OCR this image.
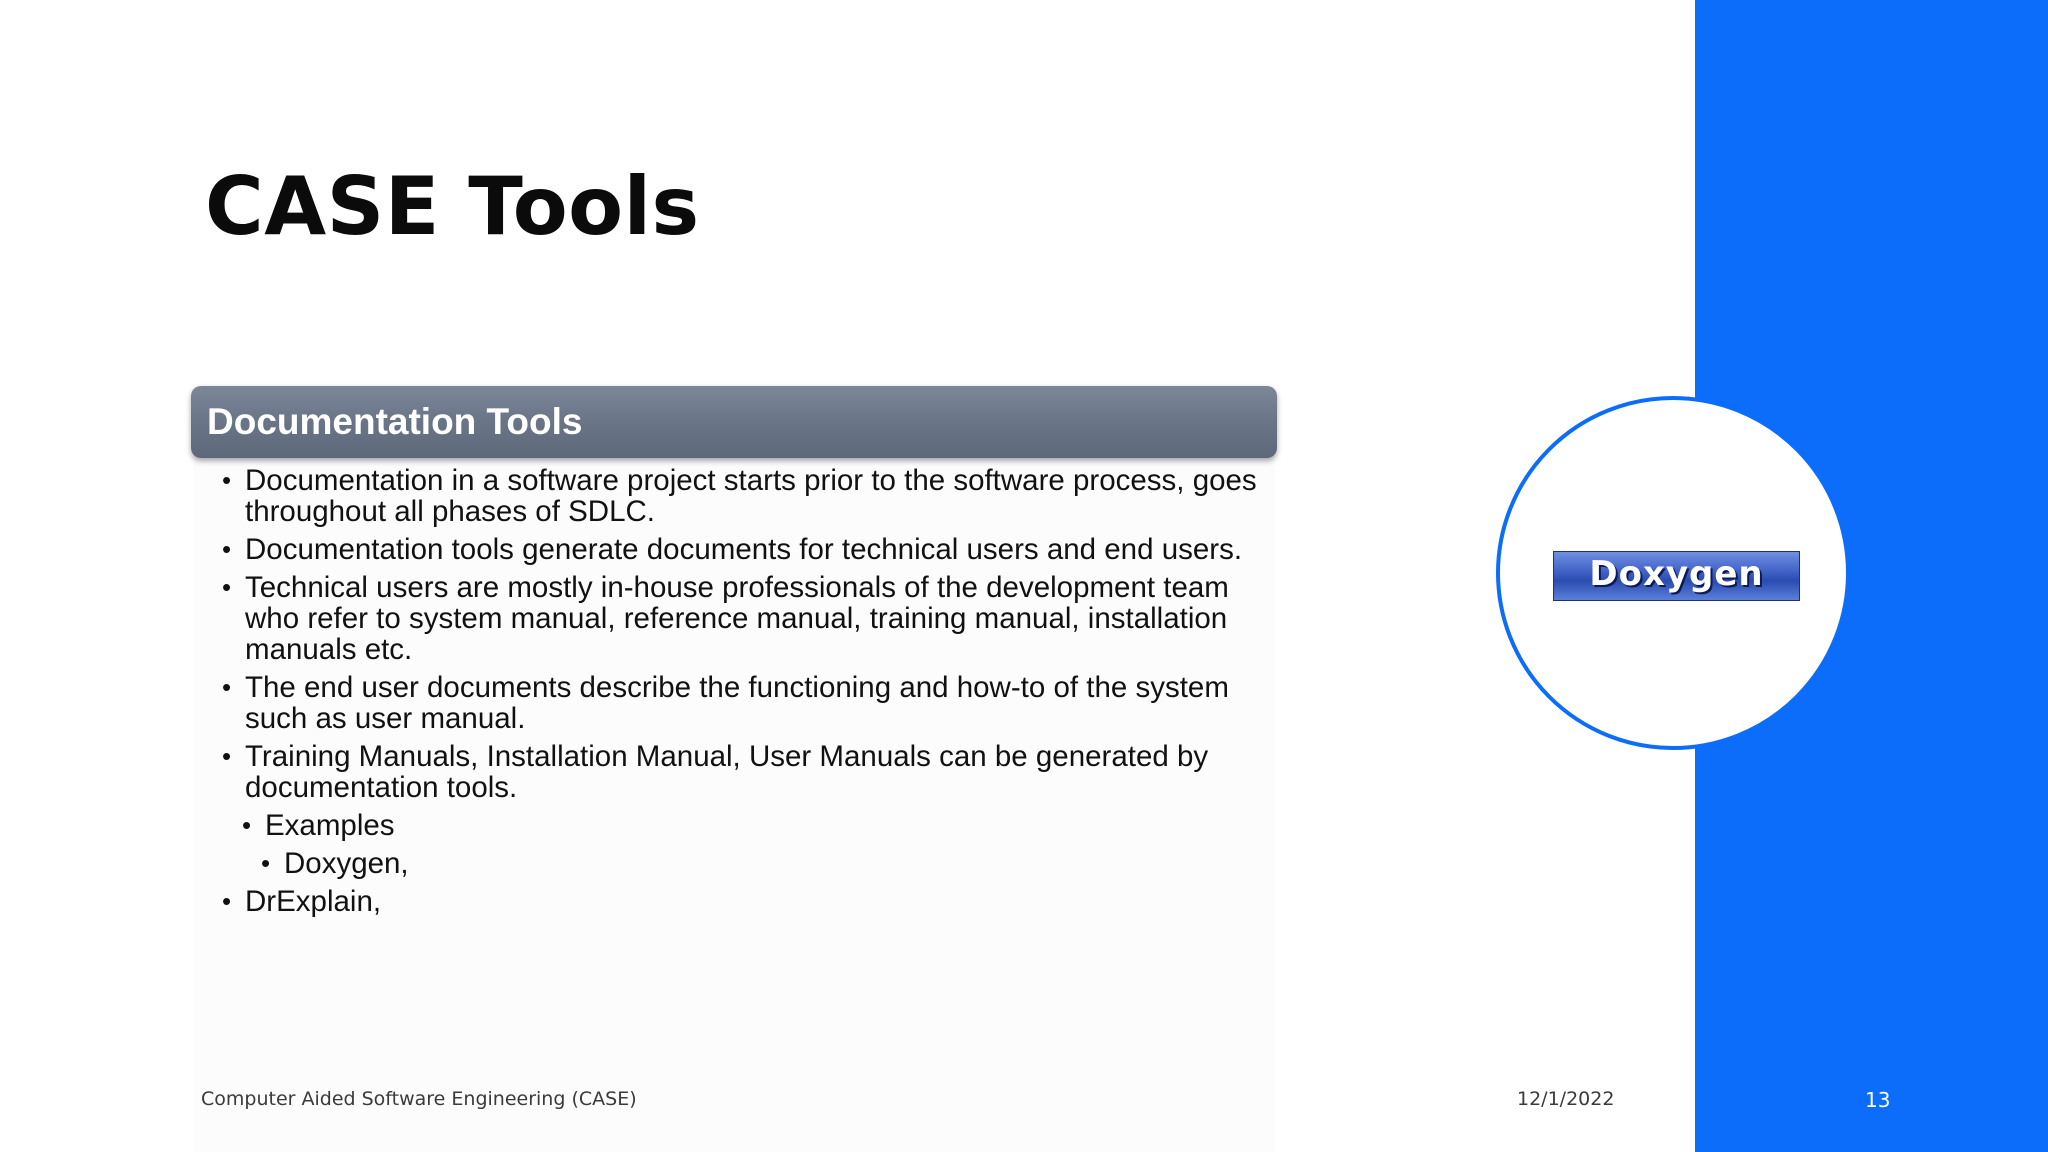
CASE Tools
Documentation Tools
• Documentation in a software project starts prior to the software process, goes throughout all phases of SDLC.
• Documentation tools generate documents for technical users and end users.
• Technical users are mostly in-house professionals of the development team who refer to system manual, reference manual, training manual, installation manuals etc.
• The end user documents describe the functioning and how-to of the system such as user manual.
• Training Manuals, Installation Manual, User Manuals can be generated by documentation tools.
• Examples
• Doxygen,
• DrExplain,
Doxygen
Computer Aided Software Engineering (CASE)	12/1/2022	13
